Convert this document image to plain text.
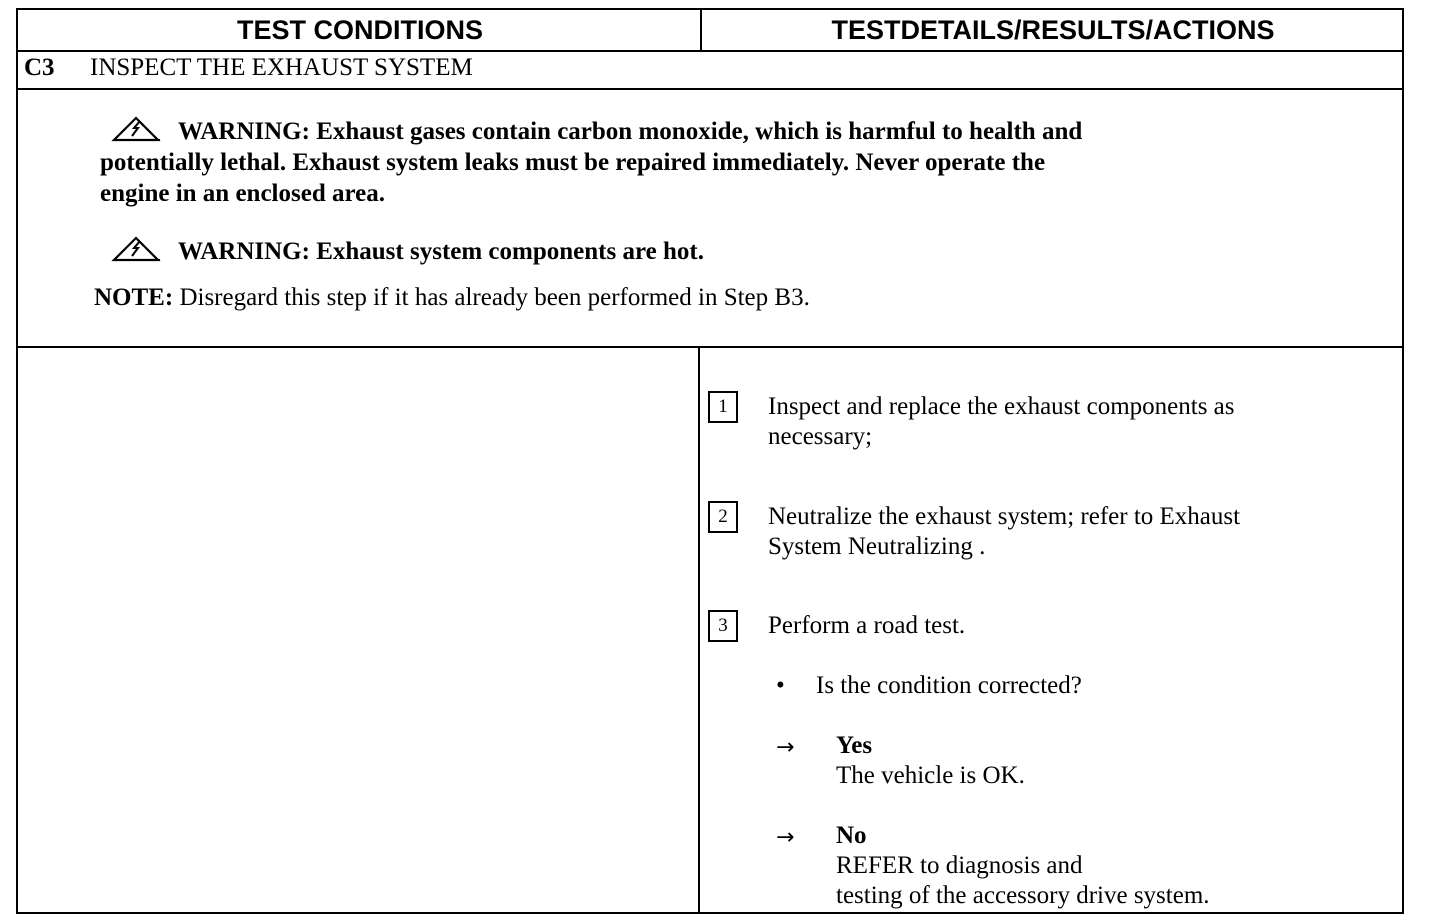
TEST CONDITIONS	TESTDETAILS/RESULTS/ACTIONS
C3 INSPECT THE EXHAUST SYSTEM
WARNING: Exhaust gases contain carbon monoxide, which is harmful to health and
potentially lethal. Exhaust system leaks must be repaired immediately. Never operate the
engine in an enclosed area.
WARNING: Exhaust system components are hot.
NOTE: Disregard this step if it has already been performed in Step B3.
1	Inspect and replace the exhaust components as
necessary;
2	Neutralize the exhaust system; refer to Exhaust
System Neutralizing .
3	Perform a road test.
• Is the condition corrected?
→ Yes
The vehicle is OK.
→ No
REFER to diagnosis and
testing of the accessory drive system.
